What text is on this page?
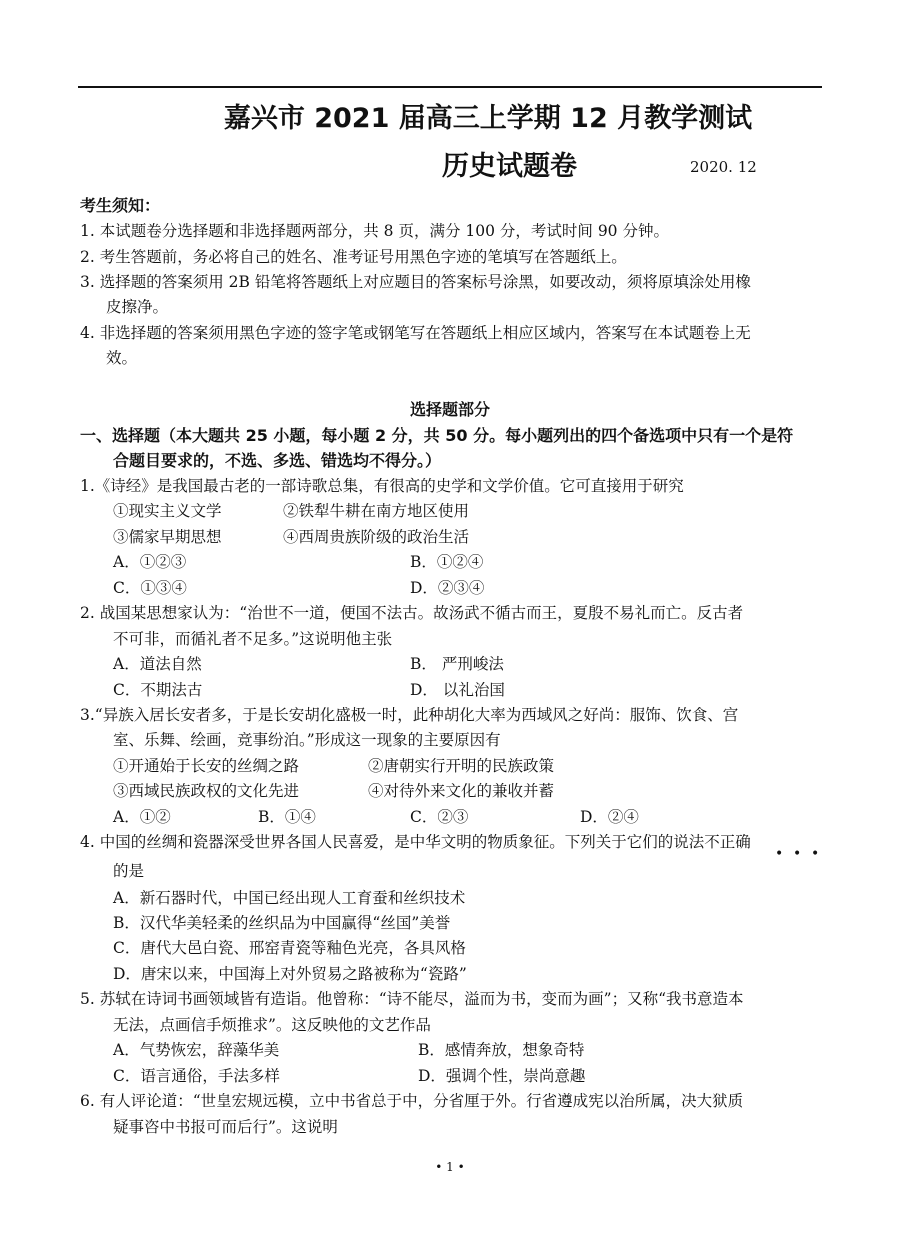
嘉兴市 2021 届高三上学期 12 月教学测试
历史试题卷	2020. 12
考生须知：
1. 本试题卷分选择题和非选择题两部分，共 8 页，满分 100 分，考试时间 90 分钟。
2. 考生答题前，务必将自己的姓名、准考证号用黑色字迹的笔填写在答题纸上。
3. 选择题的答案须用 2B 铅笔将答题纸上对应题目的答案标号涂黑，如要改动，须将原填涂处用橡
皮擦净。
4. 非选择题的答案须用黑色字迹的签字笔或钢笔写在答题纸上相应区域内，答案写在本试题卷上无
效。
选择题部分
一、选择题（本大题共 25 小题，每小题 2 分，共 50 分。每小题列出的四个备选项中只有一个是符
合题目要求的，不选、多选、错选均不得分。）
1.《诗经》是我国最古老的一部诗歌总集，有很高的史学和文学价值。它可直接用于研究
①现实主义文学	②铁犁牛耕在南方地区使用
③儒家早期思想	④西周贵族阶级的政治生活
A．①②③	B．①②④
C．①③④	D．②③④
2. 战国某思想家认为：“治世不一道，便国不法古。故汤武不循古而王，夏殷不易礼而亡。反古者
不可非，而循礼者不足多。”这说明他主张
A．道法自然	B． 严刑峻法
C．不期法古	D． 以礼治国
3.“异族入居长安者多，于是长安胡化盛极一时，此种胡化大率为西域风之好尚：服饰、饮食、宫
室、乐舞、绘画，竞事纷泊。”形成这一现象的主要原因有
①开通始于长安的丝绸之路	②唐朝实行开明的民族政策
③西域民族政权的文化先进	④对待外来文化的兼收并蓄
A．①②	B．①④	C．②③	D．②④
4. 中国的丝绸和瓷器深受世界各国人民喜爱，是中华文明的物质象征。下列关于它们的说法不正确
• • •
的是
A．新石器时代，中国已经出现人工育蚕和丝织技术
B．汉代华美轻柔的丝织品为中国赢得“丝国”美誉
C．唐代大邑白瓷、邢窑青瓷等釉色光亮，各具风格
D．唐宋以来，中国海上对外贸易之路被称为“瓷路”
5. 苏轼在诗词书画领域皆有造诣。他曾称：“诗不能尽，溢而为书，变而为画”；又称“我书意造本
无法，点画信手烦推求”。这反映他的文艺作品
A．气势恢宏，辞藻华美	B．感情奔放，想象奇特
C．语言通俗，手法多样	D．强调个性，崇尚意趣
6. 有人评论道：“世皇宏规远模，立中书省总于中，分省厘于外。行省遵成宪以治所属，决大狱质
疑事咨中书报可而后行”。这说明
• 1 •
